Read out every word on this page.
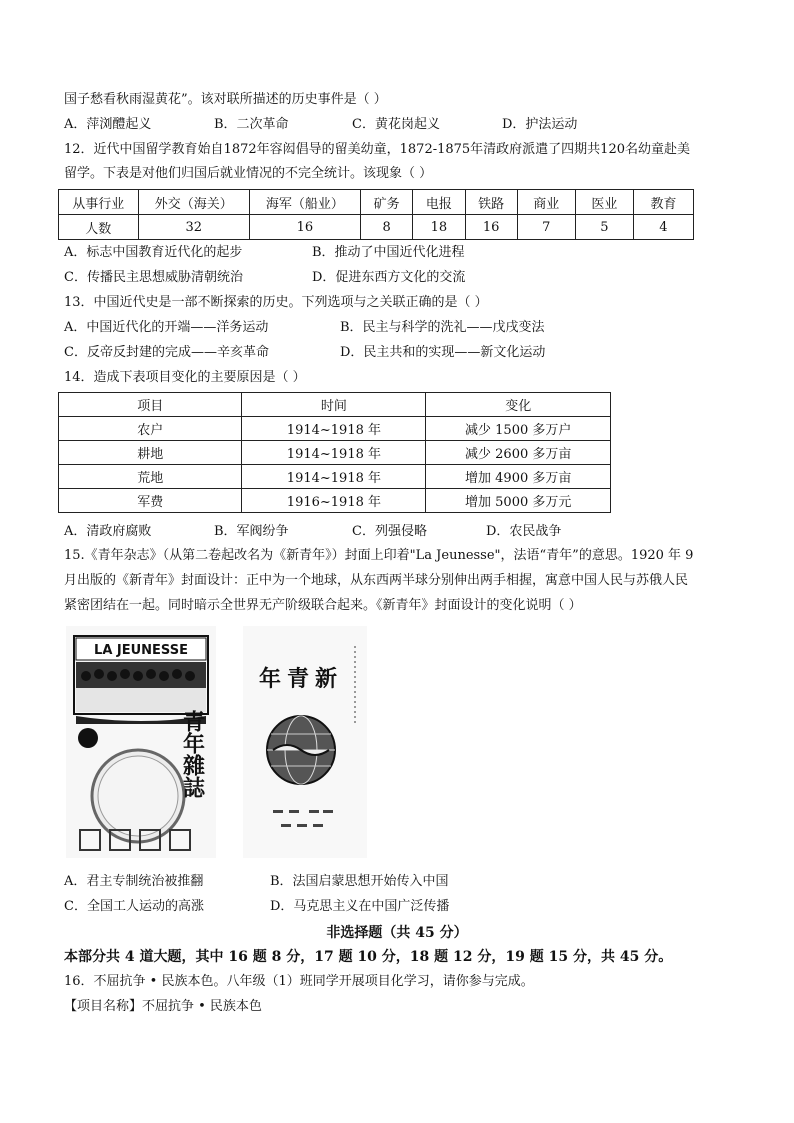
国子愁看秋雨湿黄花”。该对联所描述的历史事件是（ ）
A．萍浏醴起义	B．二次革命	C．黄花岗起义	D．护法运动
12．近代中国留学教育始自1872年容闳倡导的留美幼童，1872-1875年清政府派遣了四期共120名幼童赴美
留学。下表是对他们归国后就业情况的不完全统计。该现象（ ）
从事行业	外交（海关）	海军（船业）	矿务	电报	铁路	商业	医业	教育
人数	32	16	8	18	16	7	5	4
A．标志中国教育近代化的起步	B．推动了中国近代化进程
C．传播民主思想威胁清朝统治	D．促进东西方文化的交流
13．中国近代史是一部不断探索的历史。下列选项与之关联正确的是（ ）
A．中国近代化的开端——洋务运动	B．民主与科学的洗礼——戊戌变法
C．反帝反封建的完成——辛亥革命	D．民主共和的实现——新文化运动
14．造成下表项目变化的主要原因是（ ）
项目	时间	变化
农户	1914~1918 年	减少 1500 多万户
耕地	1914~1918 年	减少 2600 多万亩
荒地	1914~1918 年	增加 4900 多万亩
军费	1916~1918 年	增加 5000 多万元
A．清政府腐败	B．军阀纷争	C．列强侵略	D．农民战争
15.《青年杂志》（从第二卷起改名为《新青年》）封面上印着"La Jeunesse"，法语“青年”的意思。1920 年 9
月出版的《新青年》封面设计：正中为一个地球，从东西两半球分别伸出两手相握，寓意中国人民与苏俄人民
紧密团结在一起。同时暗示全世界无产阶级联合起来。《新青年》封面设计的变化说明（ ）
LA JEUNESSE
青年雜誌
年青新
A．君主专制统治被推翻	B．法国启蒙思想开始传入中国
C．全国工人运动的高涨	D．马克思主义在中国广泛传播
非选择题（共 45 分）
本部分共 4 道大题，其中 16 题 8 分，17 题 10 分，18 题 12 分，19 题 15 分，共 45 分。
16．不屈抗争 • 民族本色。八年级（1）班同学开展项目化学习，请你参与完成。
【项目名称】不屈抗争 • 民族本色
